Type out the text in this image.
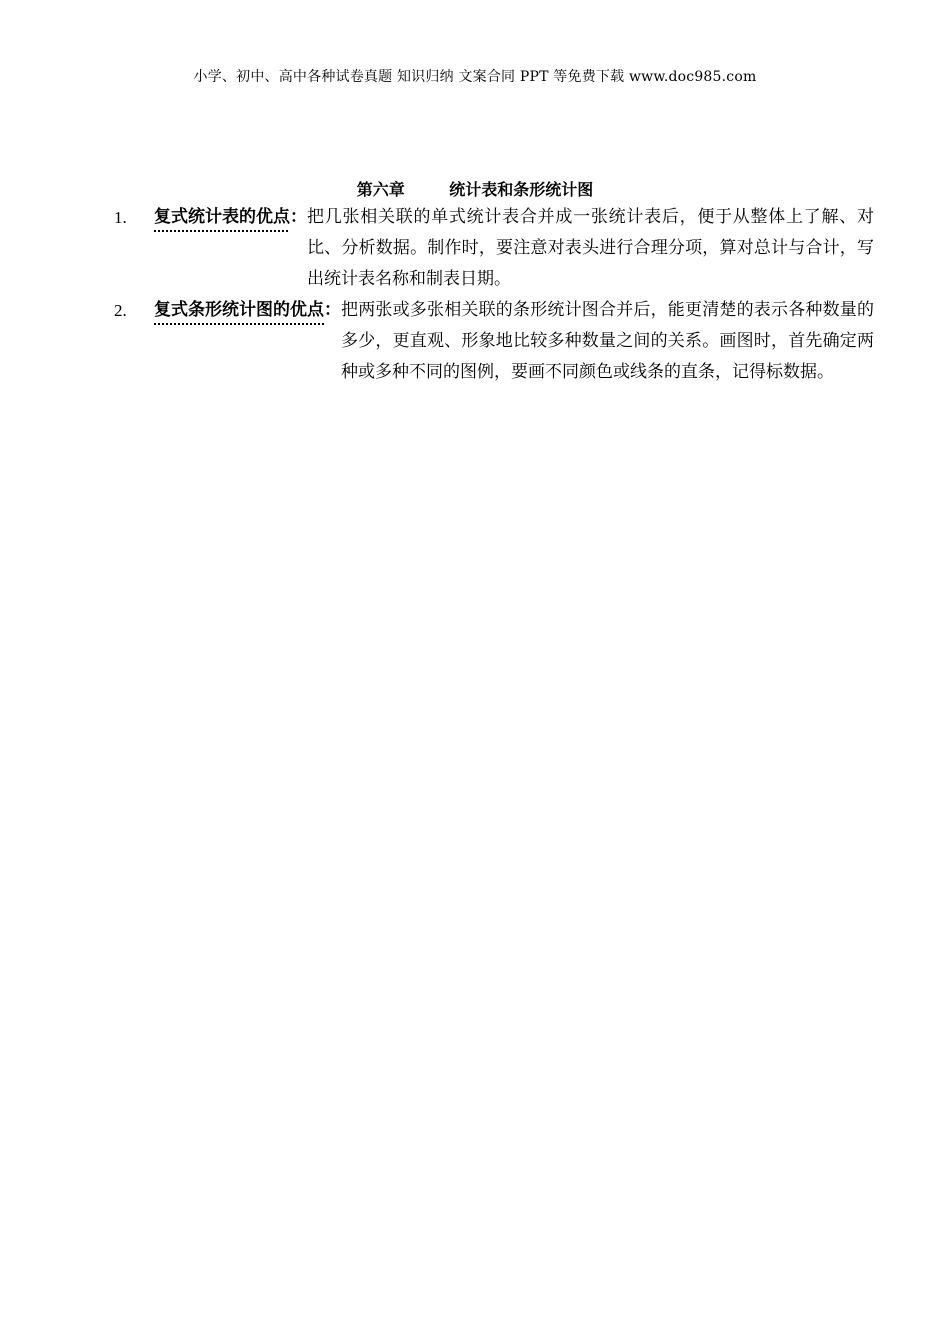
小学、初中、高中各种试卷真题 知识归纳 文案合同 PPT 等免费下载 www.doc985.com
第六章        统计表和条形统计图
1.	复式统计表的优点 ： 把几张相关联的单式统计表合并成一张统计表后，便于从整体上了解、对比、分析数据。制作时，要注意对表头进行合理分项，算对总计与合计，写出统计表名称和制表日期。
2.	复式条形统计图的优点 ： 把两张或多张相关联的条形统计图合并后，能更清楚的表示各种数量的多少，更直观、形象地比较多种数量之间的关系。画图时，首先确定两种或多种不同的图例，要画不同颜色或线条的直条，记得标数据。
